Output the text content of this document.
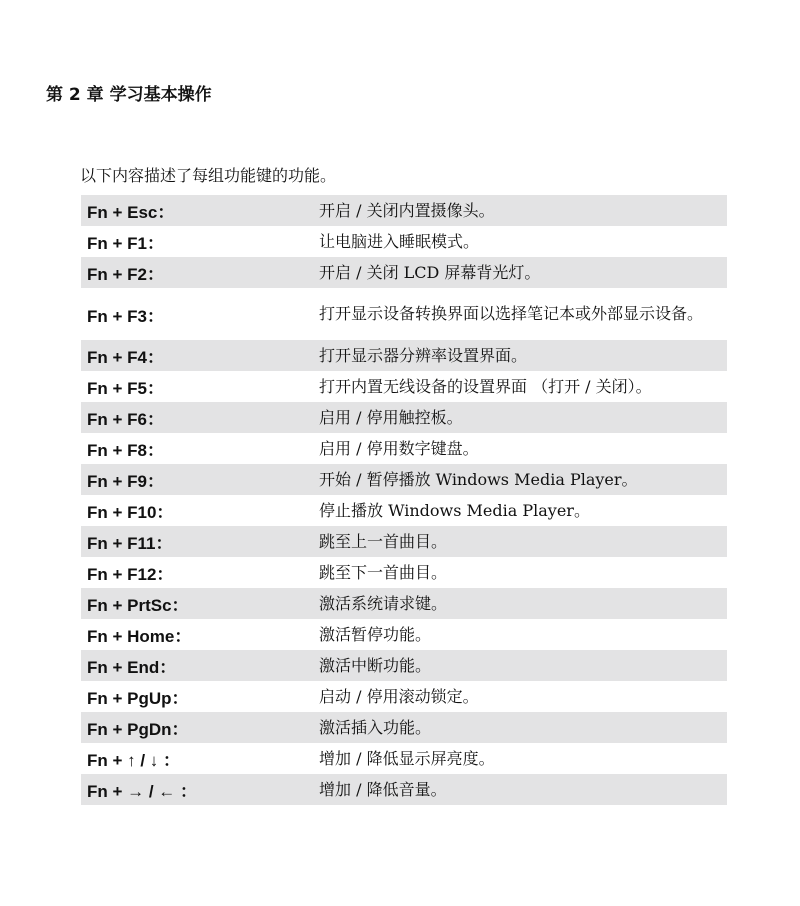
第 2 章 学习基本操作
以下内容描述了每组功能键的功能。
Fn + Esc：	开启 / 关闭内置摄像头。
Fn + F1：	让电脑进入睡眠模式。
Fn + F2：	开启 / 关闭 LCD 屏幕背光灯。
Fn + F3：	打开显示设备转换界面以选择笔记本或外部显示设备。
Fn + F4：	打开显示器分辨率设置界面。
Fn + F5：	打开内置无线设备的设置界面 （打开 / 关闭）。
Fn + F6：	启用 / 停用触控板。
Fn + F8：	启用 / 停用数字键盘。
Fn + F9：	开始 / 暂停播放 Windows Media Player。
Fn + F10：	停止播放 Windows Media Player。
Fn + F11：	跳至上一首曲目。
Fn + F12：	跳至下一首曲目。
Fn + PrtSc：	激活系统请求键。
Fn + Home：	激活暂停功能。
Fn + End：	激活中断功能。
Fn + PgUp：	启动 / 停用滚动锁定。
Fn + PgDn：	激活插入功能。
Fn + ↑ / ↓ ：	增加 / 降低显示屏亮度。
Fn + → / ← ：	增加 / 降低音量。
